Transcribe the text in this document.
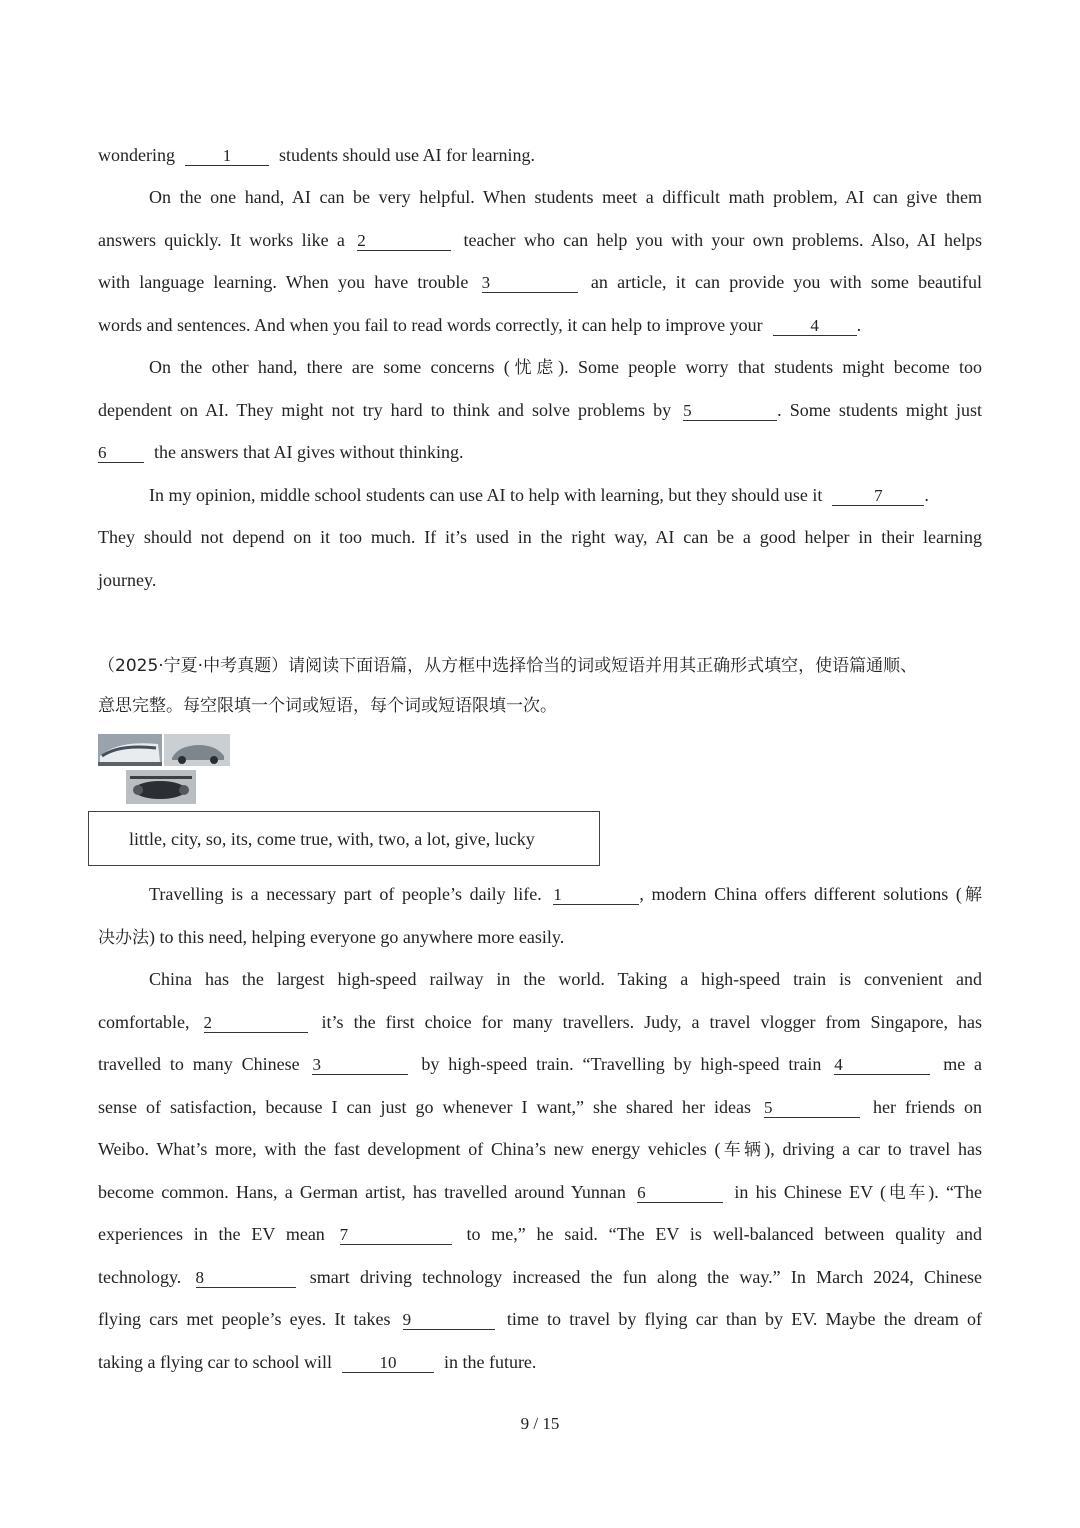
wondering	1	students should use AI for learning.
On the one hand, AI can be very helpful. When students meet a difficult math problem, AI can give them
answers quickly. It works like a 2	teacher who can help you with your own problems. Also, AI helps
with language learning. When you have trouble 3	an article, it can provide you with some beautiful
words and sentences. And when you fail to read words correctly, it can help to improve your	4 .
On the other hand, there are some concerns (忧虑). Some people worry that students might become too
dependent on AI. They might not try hard to think and solve problems by 5	. Some students might just
6	the answers that AI gives without thinking.
In my opinion, middle school students can use AI to help with learning, but they should use it	7 .
They should not depend on it too much. If it’s used in the right way, AI can be a good helper in their learning
journey.
（2025·宁夏·中考真题）请阅读下面语篇，从方框中选择恰当的词或短语并用其正确形式填空，使语篇通顺、
意思完整。每空限填一个词或短语，每个词或短语限填一次。
little, city, so, its, come true, with, two, a lot, give, lucky
Travelling is a necessary part of people’s daily life. 1	, modern China offers different solutions (解
决办法) to this need, helping everyone go anywhere more easily.
China has the largest high-speed railway in the world. Taking a high-speed train is convenient and
comfortable, 2	it’s the first choice for many travellers. Judy, a travel vlogger from Singapore, has
travelled to many Chinese 3	by high-speed train. “Travelling by high-speed train 4	me a
sense of satisfaction, because I can just go whenever I want,” she shared her ideas 5	her friends on
Weibo. What’s more, with the fast development of China’s new energy vehicles (车辆), driving a car to travel has
become common. Hans, a German artist, has travelled around Yunnan 6	in his Chinese EV (电车). “The
experiences in the EV mean 7	to me,” he said. “The EV is well-balanced between quality and
technology. 8	smart driving technology increased the fun along the way.” In March 2024, Chinese
flying cars met people’s eyes. It takes 9	time to travel by flying car than by EV. Maybe the dream of
taking a flying car to school will	10	in the future.
9 / 15
